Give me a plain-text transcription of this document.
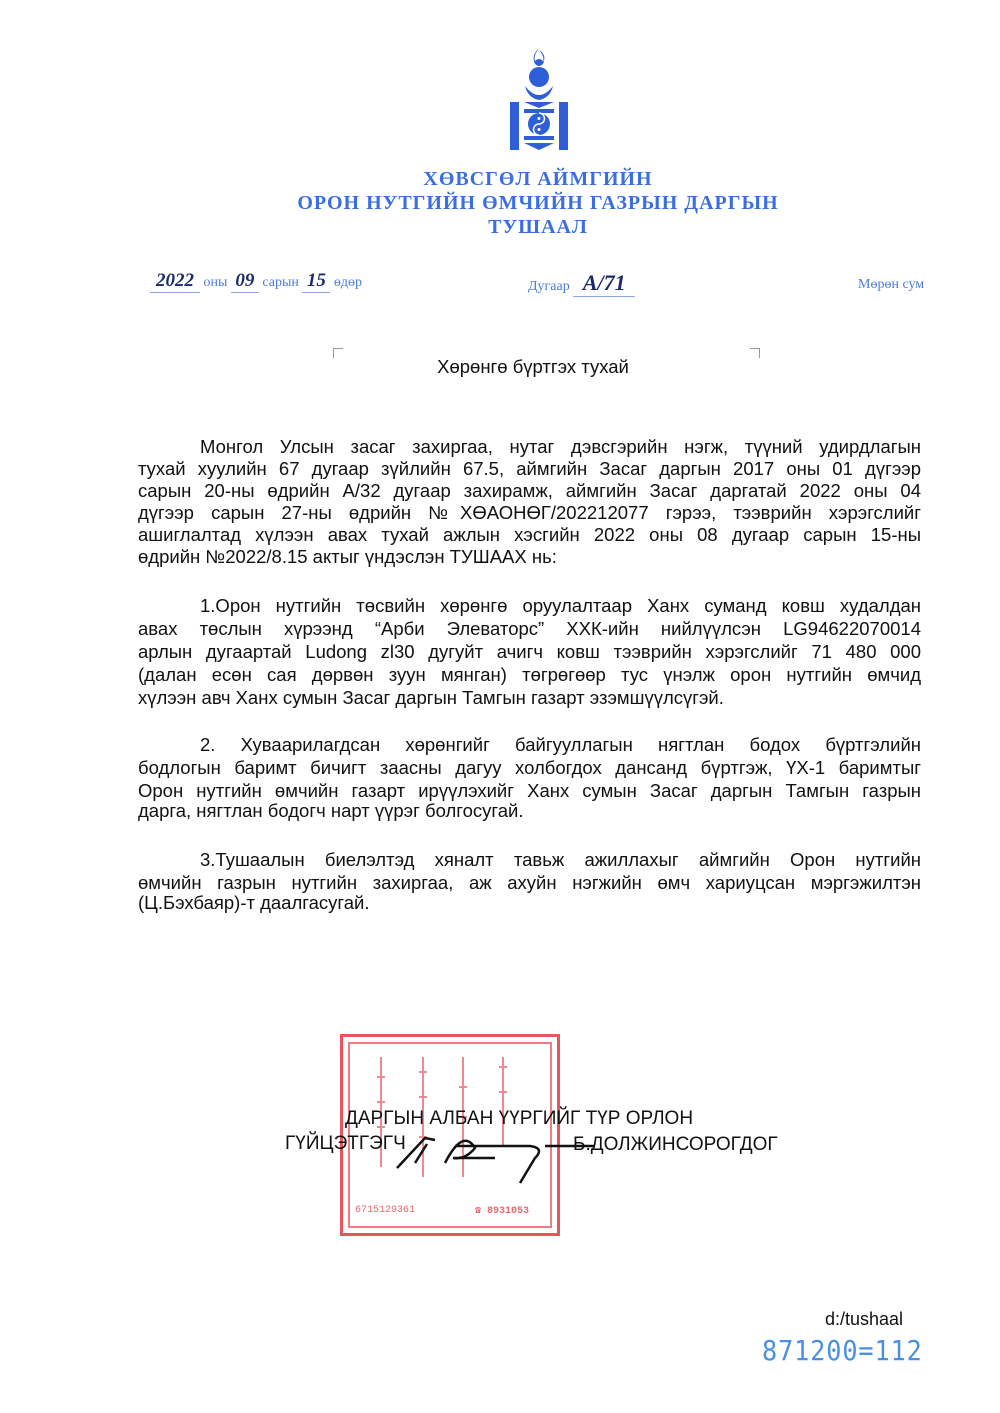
ХӨВСГӨЛ АЙМГИЙН
ОРОН НУТГИЙН ӨМЧИЙН ГАЗРЫН ДАРГЫН
ТУШААЛ
2022 оны 09 сарын 15 өдөр	Дугаар А/71	Мөрөн сум
Хөрөнгө бүртгэх тухай
Монгол Улсын засаг захиргаа, нутаг дэвсгэрийн нэгж, түүний удирдлагын
тухай хуулийн 67 дугаар зүйлийн 67.5, аймгийн Засаг даргын 2017 оны 01 дүгээр
сарын 20-ны өдрийн А/32 дугаар захирамж, аймгийн Засаг даргатай 2022 оны 04
дүгээр сарын 27-ны өдрийн №ХӨАОНӨГ/202212077 гэрээ, тээврийн хэрэгслийг
ашиглалтад хүлээн авах тухай ажлын хэсгийн 2022 оны 08 дугаар сарын 15-ны
өдрийн №2022/8.15 актыг үндэслэн ТУШААХ нь:
1.Орон нутгийн төсвийн хөрөнгө оруулалтаар Ханх суманд ковш худалдан
авах төслын хүрээнд “Арби Элеваторс” ХХК-ийн нийлүүлсэн LG94622070014
арлын дугаартай Ludong zl30 дугуйт ачигч ковш тээврийн хэрэгслийг 71 480 000
(далан есөн сая дөрвөн зуун мянган) төгрөгөөр тус үнэлж орон нутгийн өмчид
хүлээн авч Ханх сумын Засаг даргын Тамгын газарт эзэмшүүлсүгэй.
2. Хуваарилагдсан хөрөнгийг байгууллагын нягтлан бодох бүртгэлийн
бодлогын баримт бичигт заасны дагуу холбогдох дансанд бүртгэж, ҮХ-1 баримтыг
Орон нутгийн өмчийн газарт ирүүлэхийг Ханх сумын Засаг даргын Тамгын газрын
дарга, нягтлан бодогч нарт үүрэг болгосугай.
3.Тушаалын биелэлтэд хяналт тавьж ажиллахыг аймгийн Орон нутгийн
өмчийн газрын нутгийн захиргаа, аж ахуйн нэгжийн өмч хариуцсан мэргэжилтэн
(Ц.Бэхбаяр)-т даалгасугай.
6715129361	☎ 8931053
ДАРГЫН АЛБАН ҮҮРГИЙГ ТҮР ОРЛОН
ГҮЙЦЭТГЭГЧ	Б.ДОЛЖИНСОРОГДОГ
d:/tushaal
871200=112
